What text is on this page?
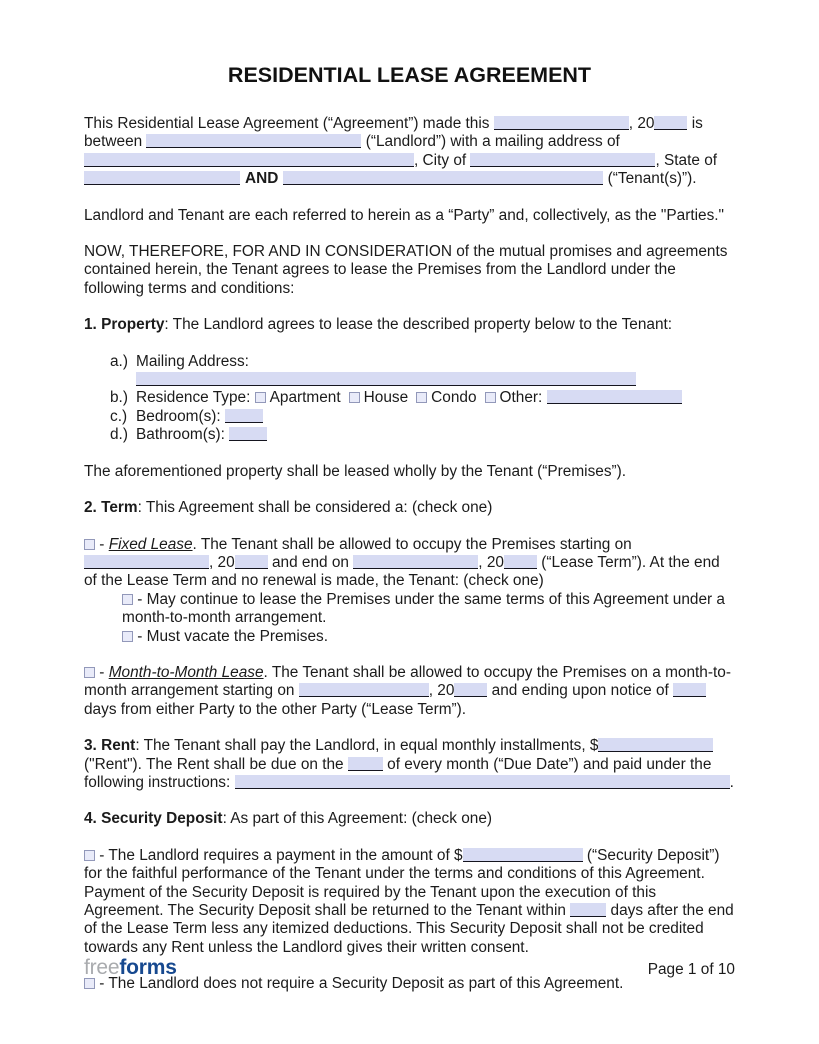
RESIDENTIAL LEASE AGREEMENT

This Residential Lease Agreement (“Agreement”) made this	, 20 is between	(“Landlord”) with a mailing address of , City of	, State of AND	(“Tenant(s)”).

Landlord and Tenant are each referred to herein as a “Party” and, collectively, as the "Parties."

NOW, THEREFORE, FOR AND IN CONSIDERATION of the mutual promises and agreements contained herein, the Tenant agrees to lease the Premises from the Landlord under the following terms and conditions:

1. Property: The Landlord agrees to lease the described property below to the Tenant:

a.) Mailing Address:
b.) Residence Type: Apartment House Condo Other:
c.) Bedroom(s):
d.) Bathroom(s):

The aforementioned property shall be leased wholly by the Tenant (“Premises”).

2. Term: This Agreement shall be considered a: (check one)

- Fixed Lease. The Tenant shall be allowed to occupy the Premises starting on , 20 and end on	, 20 (“Lease Term”). At the end of the Lease Term and no renewal is made, the Tenant: (check one)

- May continue to lease the Premises under the same terms of this Agreement under a month-to-month arrangement.

- Must vacate the Premises.

- Month-to-Month Lease. The Tenant shall be allowed to occupy the Premises on a month-to-month arrangement starting on	, 20 and ending upon notice of  days from either Party to the other Party (“Lease Term”).

3. Rent: The Tenant shall pay the Landlord, in equal monthly installments, $ ("Rent"). The Rent shall be due on the  of every month (“Due Date”) and paid under the following instructions:	.

4. Security Deposit: As part of this Agreement: (check one)

- The Landlord requires a payment in the amount of $	(“Security Deposit”) for the faithful performance of the Tenant under the terms and conditions of this Agreement. Payment of the Security Deposit is required by the Tenant upon the execution of this Agreement. The Security Deposit shall be returned to the Tenant within  days after the end of the Lease Term less any itemized deductions. This Security Deposit shall not be credited towards any Rent unless the Landlord gives their written consent.

- The Landlord does not require a Security Deposit as part of this Agreement.

freeforms	Page 1 of 10
